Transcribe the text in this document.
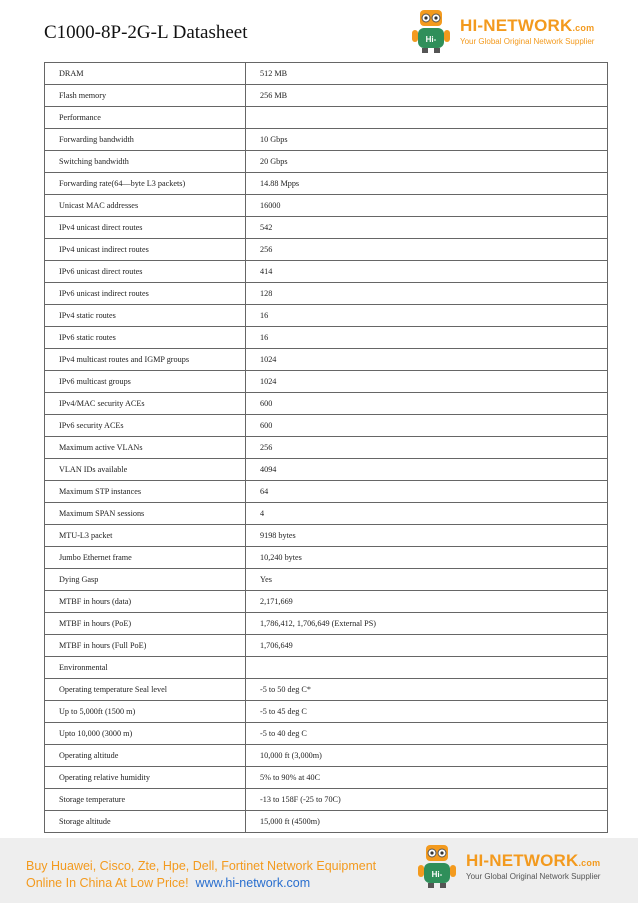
C1000-8P-2G-L Datasheet	Hi-
HI-NETWORK.com
Your Global Original Network Supplier
DRAM	512 MB
Flash memory	256 MB
Performance	
Forwarding bandwidth	10 Gbps
Switching bandwidth	20 Gbps
Forwarding rate(64—byte L3 packets)	14.88 Mpps
Unicast MAC addresses	16000
IPv4 unicast direct routes	542
IPv4 unicast indirect routes	256
IPv6 unicast direct routes	414
IPv6 unicast indirect routes	128
IPv4 static routes	16
IPv6 static routes	16
IPv4 multicast routes and IGMP groups	1024
IPv6 multicast groups	1024
IPv4/MAC security ACEs	600
IPv6 security ACEs	600
Maximum active VLANs	256
VLAN IDs available	4094
Maximum STP instances	64
Maximum SPAN sessions	4
MTU-L3 packet	9198 bytes
Jumbo Ethernet frame	10,240 bytes
Dying Gasp	Yes
MTBF in hours (data)	2,171,669
MTBF in hours (PoE)	1,786,412, 1,706,649 (External PS)
MTBF in hours (Full PoE)	1,706,649
Environmental	
Operating temperature Seal level	-5 to 50 deg C*
Up to 5,000ft (1500 m)	-5 to 45 deg C
Upto 10,000 (3000 m)	-5 to 40 deg C
Operating altitude	10,000 ft (3,000m)
Operating relative humidity	5% to 90% at 40C
Storage temperature	-13 to 158F (-25 to 70C)
Storage altitude	15,000 ft (4500m)
Buy Huawei, Cisco, Zte, Hpe, Dell, Fortinet Network Equipment
Online In China At Low Price! www.hi-network.com
Hi-
HI-NETWORK.com
Your Global Original Network Supplier
